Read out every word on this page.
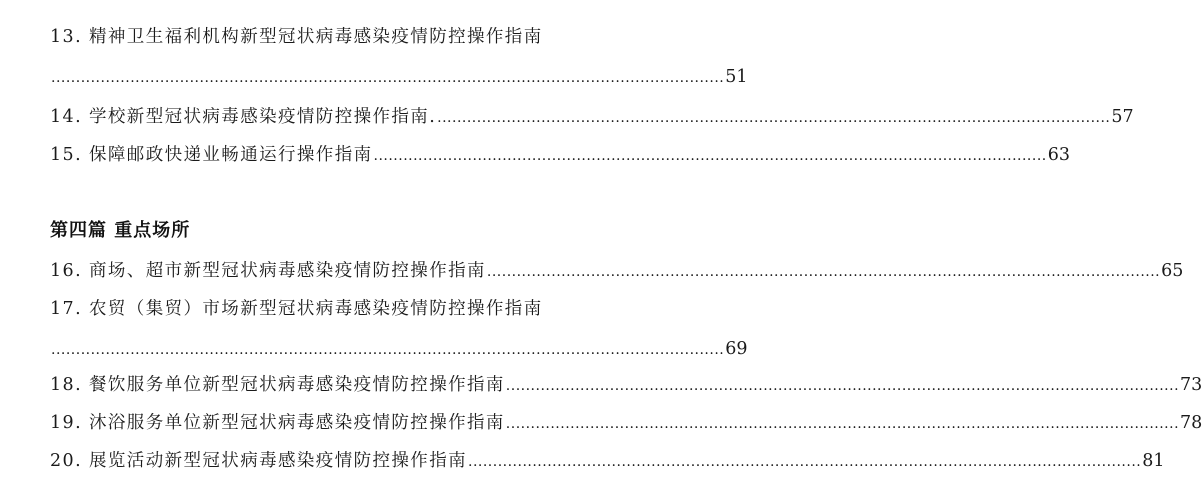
13. 精神卫生福利机构新型冠状病毒感染疫情防控操作指南
........................................................................................................................................ 51
14. 学校新型冠状病毒感染疫情防控操作指南. ........................................................................................................................................ 57
15. 保障邮政快递业畅通运行操作指南 ........................................................................................................................................ 63
第四篇 重点场所
16. 商场、超市新型冠状病毒感染疫情防控操作指南 ........................................................................................................................................ 65
17. 农贸（集贸）市场新型冠状病毒感染疫情防控操作指南
........................................................................................................................................ 69
18. 餐饮服务单位新型冠状病毒感染疫情防控操作指南 ........................................................................................................................................ 73
19. 沐浴服务单位新型冠状病毒感染疫情防控操作指南 ........................................................................................................................................ 78
20. 展览活动新型冠状病毒感染疫情防控操作指南 ........................................................................................................................................ 81
